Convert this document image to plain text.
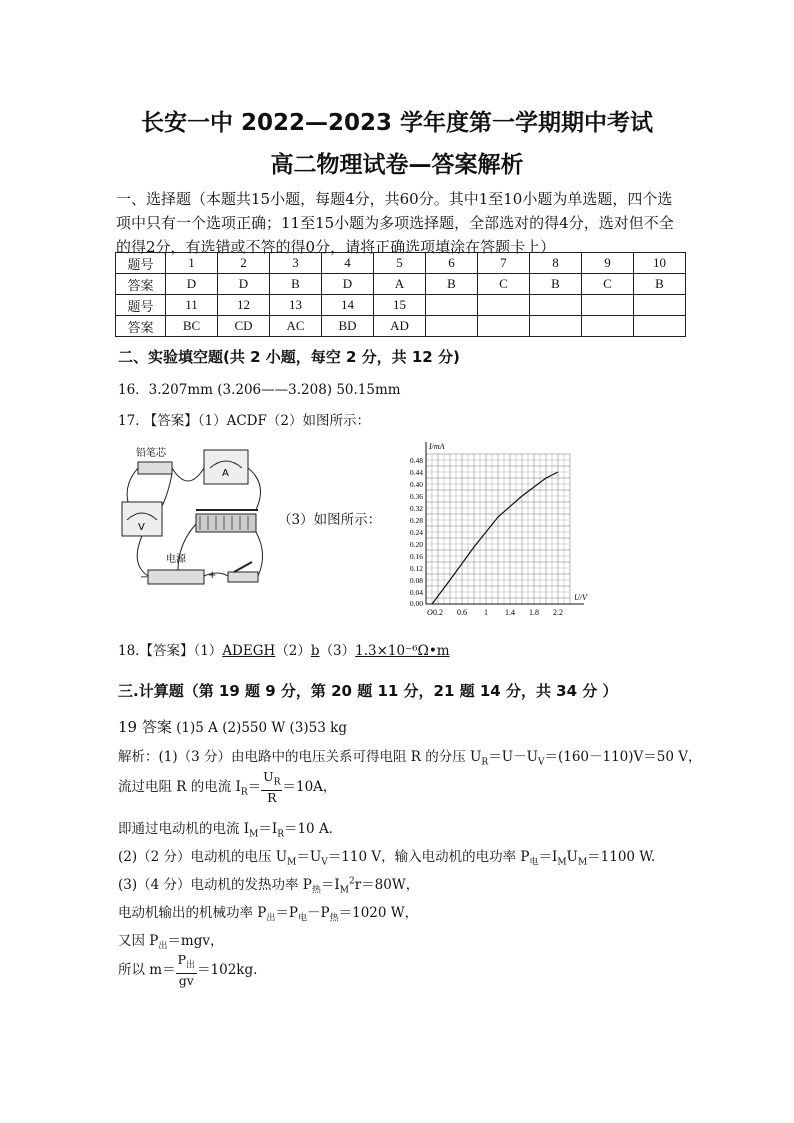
长安一中 2022—2023 学年度第一学期期中考试
高二物理试卷—答案解析
一、选择题（本题共15小题，每题4分，共60分。其中1至10小题为单选题，四个选项中只有一个选项正确；11至15小题为多项选择题，全部选对的得4分，选对但不全的得2分，有选错或不答的得0分，请将正确选项填涂在答题卡上）
题号	1	2	3	4	5	6	7	8	9	10
答案	D	D	B	D	A	B	C	B	C	B
题号	11	12	13	14	15					
答案	BC	CD	AC	BD	AD					
二、实验填空题(共 2 小题，每空 2 分，共 12 分)
16．3.207mm (3.206——3.208) 50.15mm
17. 【答案】（1）ACDF（2）如图所示：
铅笔芯
A
V
电源
−	+
（3）如图所示：
0.04
0.08
0.12
0.16
0.20
0.24
0.28
0.32
0.36
0.40
0.44
0.48
0.00
O 0.2 0.6 1 1.4 1.8 2.2
I/mA
U/V
18.【答案】（1）ADEGH（2）b（3）1.3×10⁻⁶Ω•m
三.计算题（第 19 题 9 分，第 20 题 11 分，21 题 14 分，共 34 分 ）
19 答案 (1)5 A (2)550 W (3)53 kg
解析：(1)（3 分）由电路中的电压关系可得电阻 R 的分压 $U_R=U-U_V=(160-110)V=50$ V，
流过电阻 R 的电流 $I_R= \frac{U_R}{R} =10A$，
即通过电动机的电流 $I_M=I_R=10$ A．
(2)（2 分）电动机的电压 $U_M=U_V=110$ V，输入电动机的电功率 $P_电=I_MU_M=1100$ W.
(3)（4 分）电动机的发热功率 $P_热=I_M^2r=80W$，
电动机输出的机械功率 $P_出=P_电-P_热=1020$ W，
又因 $P_出=mgv$，
所以 $m= \frac{P_出}{gv} =102kg$.
